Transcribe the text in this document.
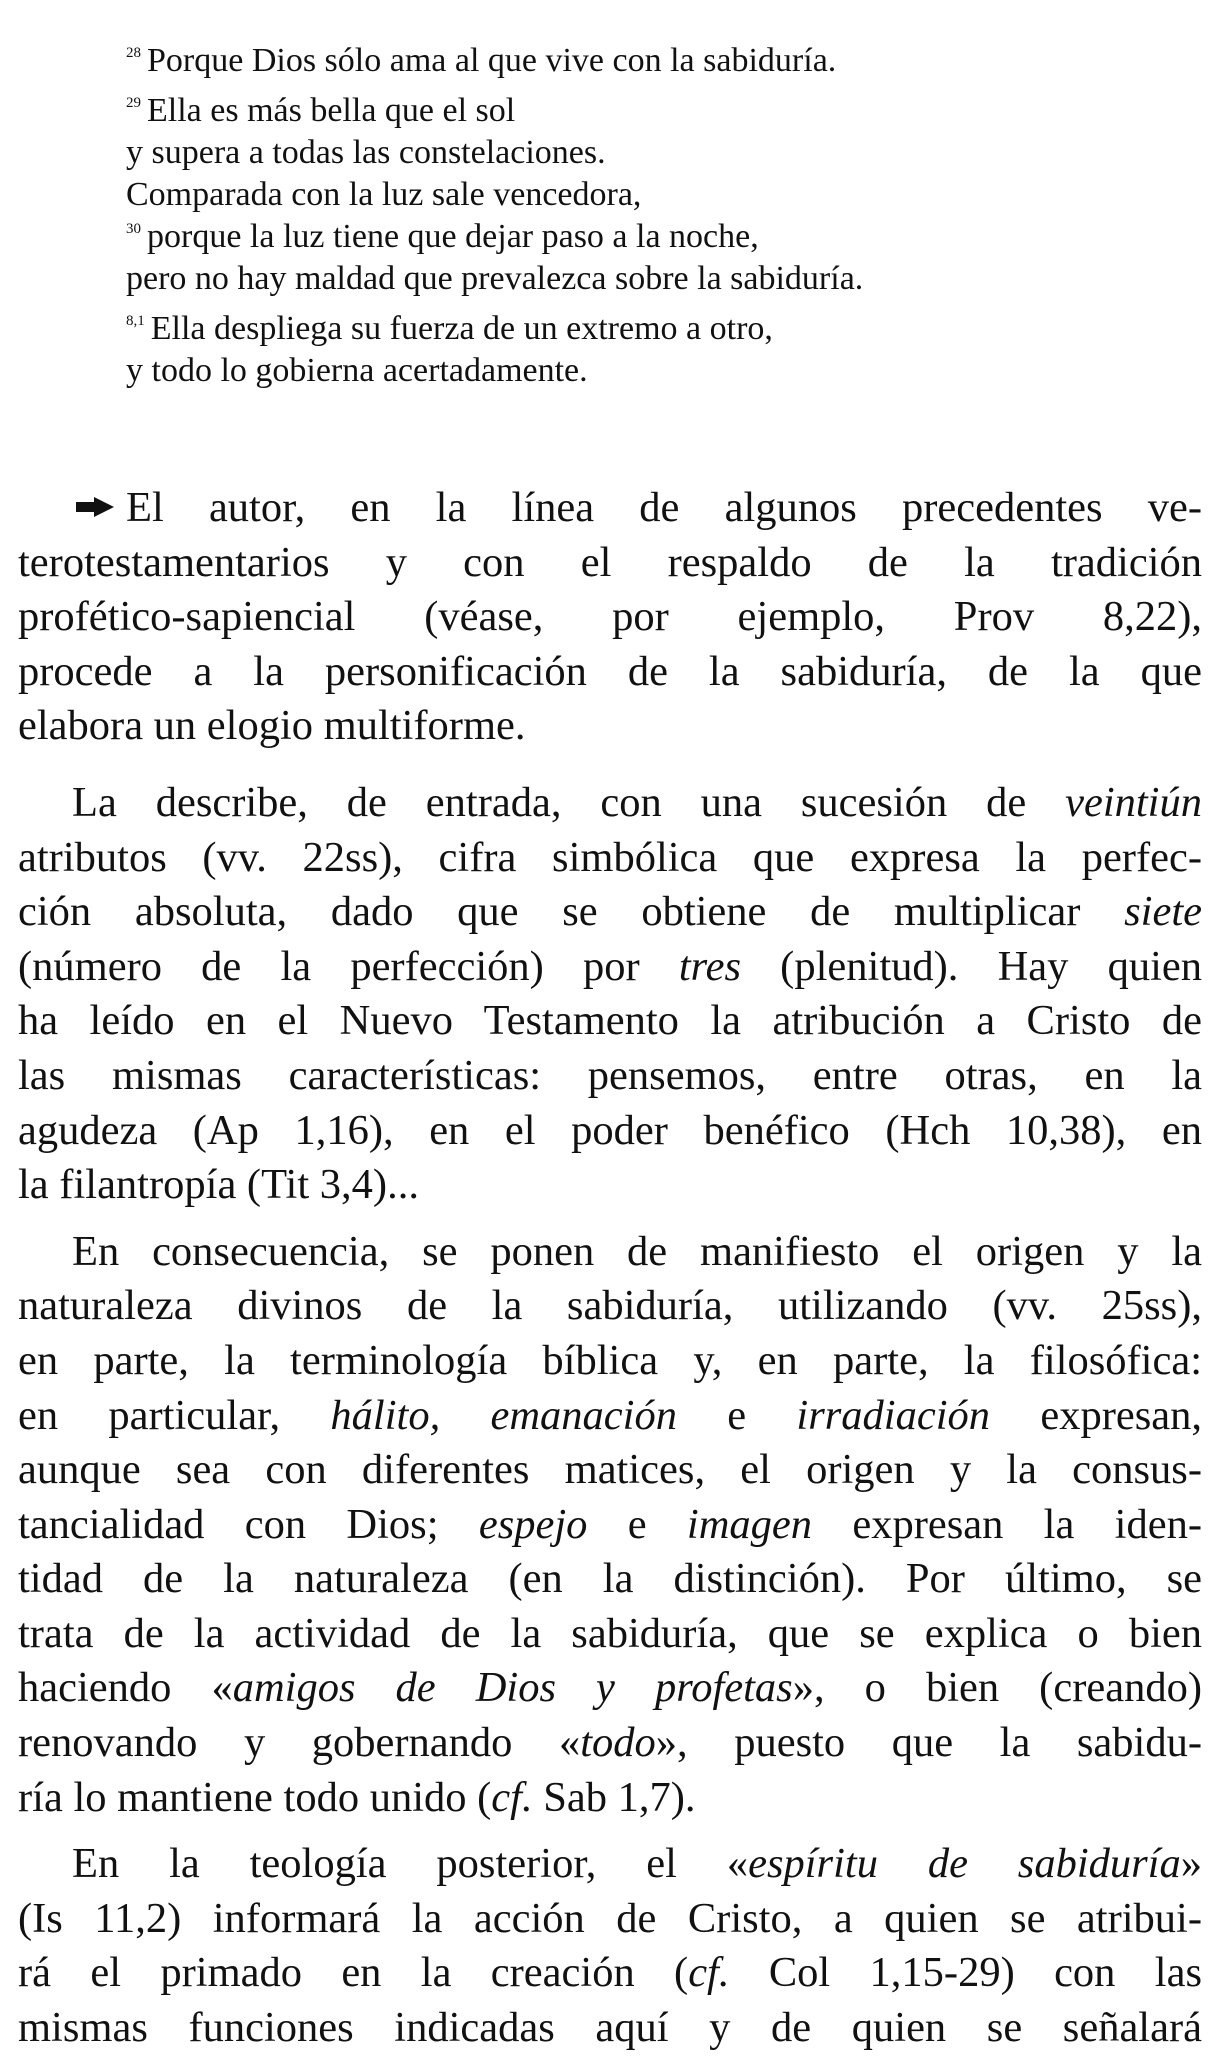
$^{28}$ Porque Dios sólo ama al que vive con la sabiduría.
$^{29}$ Ella es más bella que el sol
y supera a todas las constelaciones.
Comparada con la luz sale vencedora,
$^{30}$ porque la luz tiene que dejar paso a la noche,
pero no hay maldad que prevalezca sobre la sabiduría.
$^{8,1}$ Ella despliega su fuerza de un extremo a otro,
y todo lo gobierna acertadamente.

El autor, en la línea de algunos precedentes ve-
terotestamentarios y con el respaldo de la tradición
profético-sapiencial (véase, por ejemplo, Prov 8,22),
procede a la personificación de la sabiduría, de la que
elabora un elogio multiforme.

La describe, de entrada, con una sucesión de veintiún
atributos (vv. 22ss), cifra simbólica que expresa la perfec-
ción absoluta, dado que se obtiene de multiplicar siete
(número de la perfección) por tres (plenitud). Hay quien
ha leído en el Nuevo Testamento la atribución a Cristo de
las mismas características: pensemos, entre otras, en la
agudeza (Ap 1,16), en el poder benéfico (Hch 10,38), en
la filantropía (Tit 3,4)...

En consecuencia, se ponen de manifiesto el origen y la
naturaleza divinos de la sabiduría, utilizando (vv. 25ss),
en parte, la terminología bíblica y, en parte, la filosófica:
en particular, hálito, emanación e irradiación expresan,
aunque sea con diferentes matices, el origen y la consus-
tancialidad con Dios; espejo e imagen expresan la iden-
tidad de la naturaleza (en la distinción). Por último, se
trata de la actividad de la sabiduría, que se explica o bien
haciendo «amigos de Dios y profetas», o bien (creando)
renovando y gobernando «todo», puesto que la sabidu-
ría lo mantiene todo unido (cf. Sab 1,7).

En la teología posterior, el «espíritu de sabiduría»
(Is 11,2) informará la acción de Cristo, a quien se atribui-
rá el primado en la creación (cf. Col 1,15-29) con las
mismas funciones indicadas aquí y de quien se señalará
